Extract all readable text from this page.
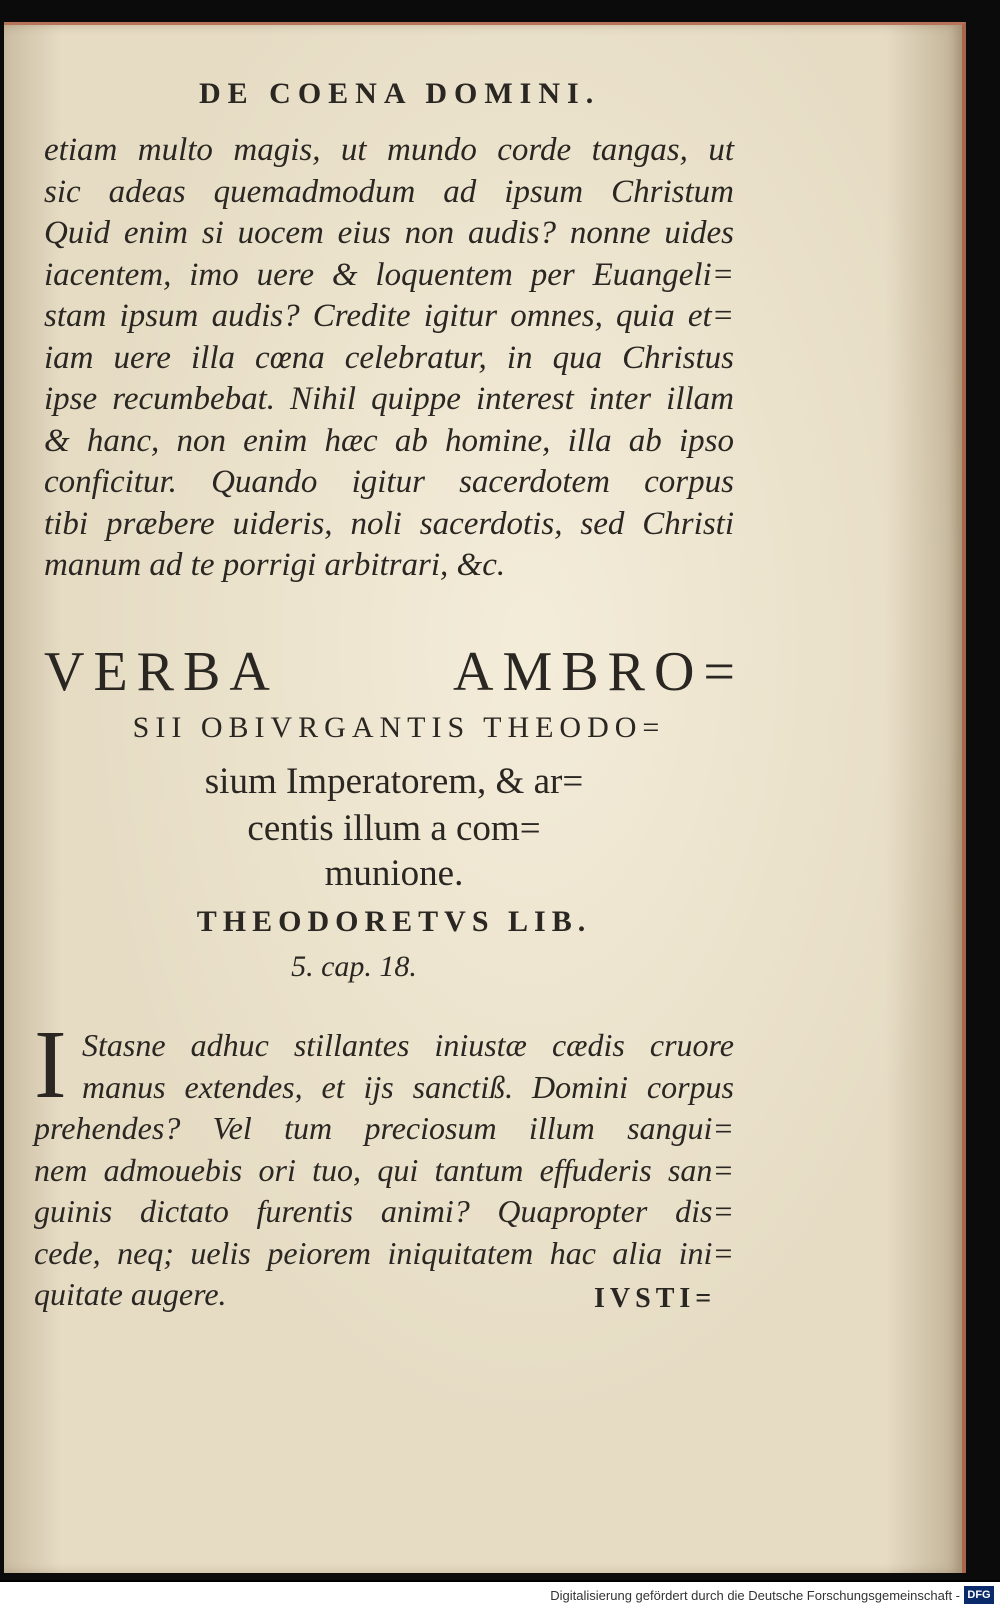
DE COENA DOMINI.
etiam multo magis, ut mundo corde tangas, ut
sic adeas quemadmodum ad ipsum Christum
Quid enim si uocem eius non audis? nonne uides
iacentem, imo uere & loquentem per Euangeli=
stam ipsum audis? Credite igitur omnes, quia et=
iam uere illa cœna celebratur, in qua Christus
ipse recumbebat. Nihil quippe interest inter illam
& hanc, non enim hæc ab homine, illa ab ipso
conficitur. Quando igitur sacerdotem corpus
tibi præbere uideris, noli sacerdotis, sed Christi
manum ad te porrigi arbitrari, &c.
VERBA AMBRO=
SII OBIVRGANTIS THEODO=
sium Imperatorem, & ar=
centis illum a com=
munione.
THEODORETVS LIB.
5. cap. 18.
I Stasne adhuc stillantes iniustæ cædis cruore
manus extendes, et ijs sanctiß. Domini corpus
prehendes? Vel tum preciosum illum sangui=
nem admouebis ori tuo, qui tantum effuderis san=
guinis dictato furentis animi? Quapropter dis=
cede, neq; uelis peiorem iniquitatem hac alia ini=
quitate augere.	IVSTI=
Digitalisierung gefördert durch die Deutsche Forschungsgemeinschaft - DFG
